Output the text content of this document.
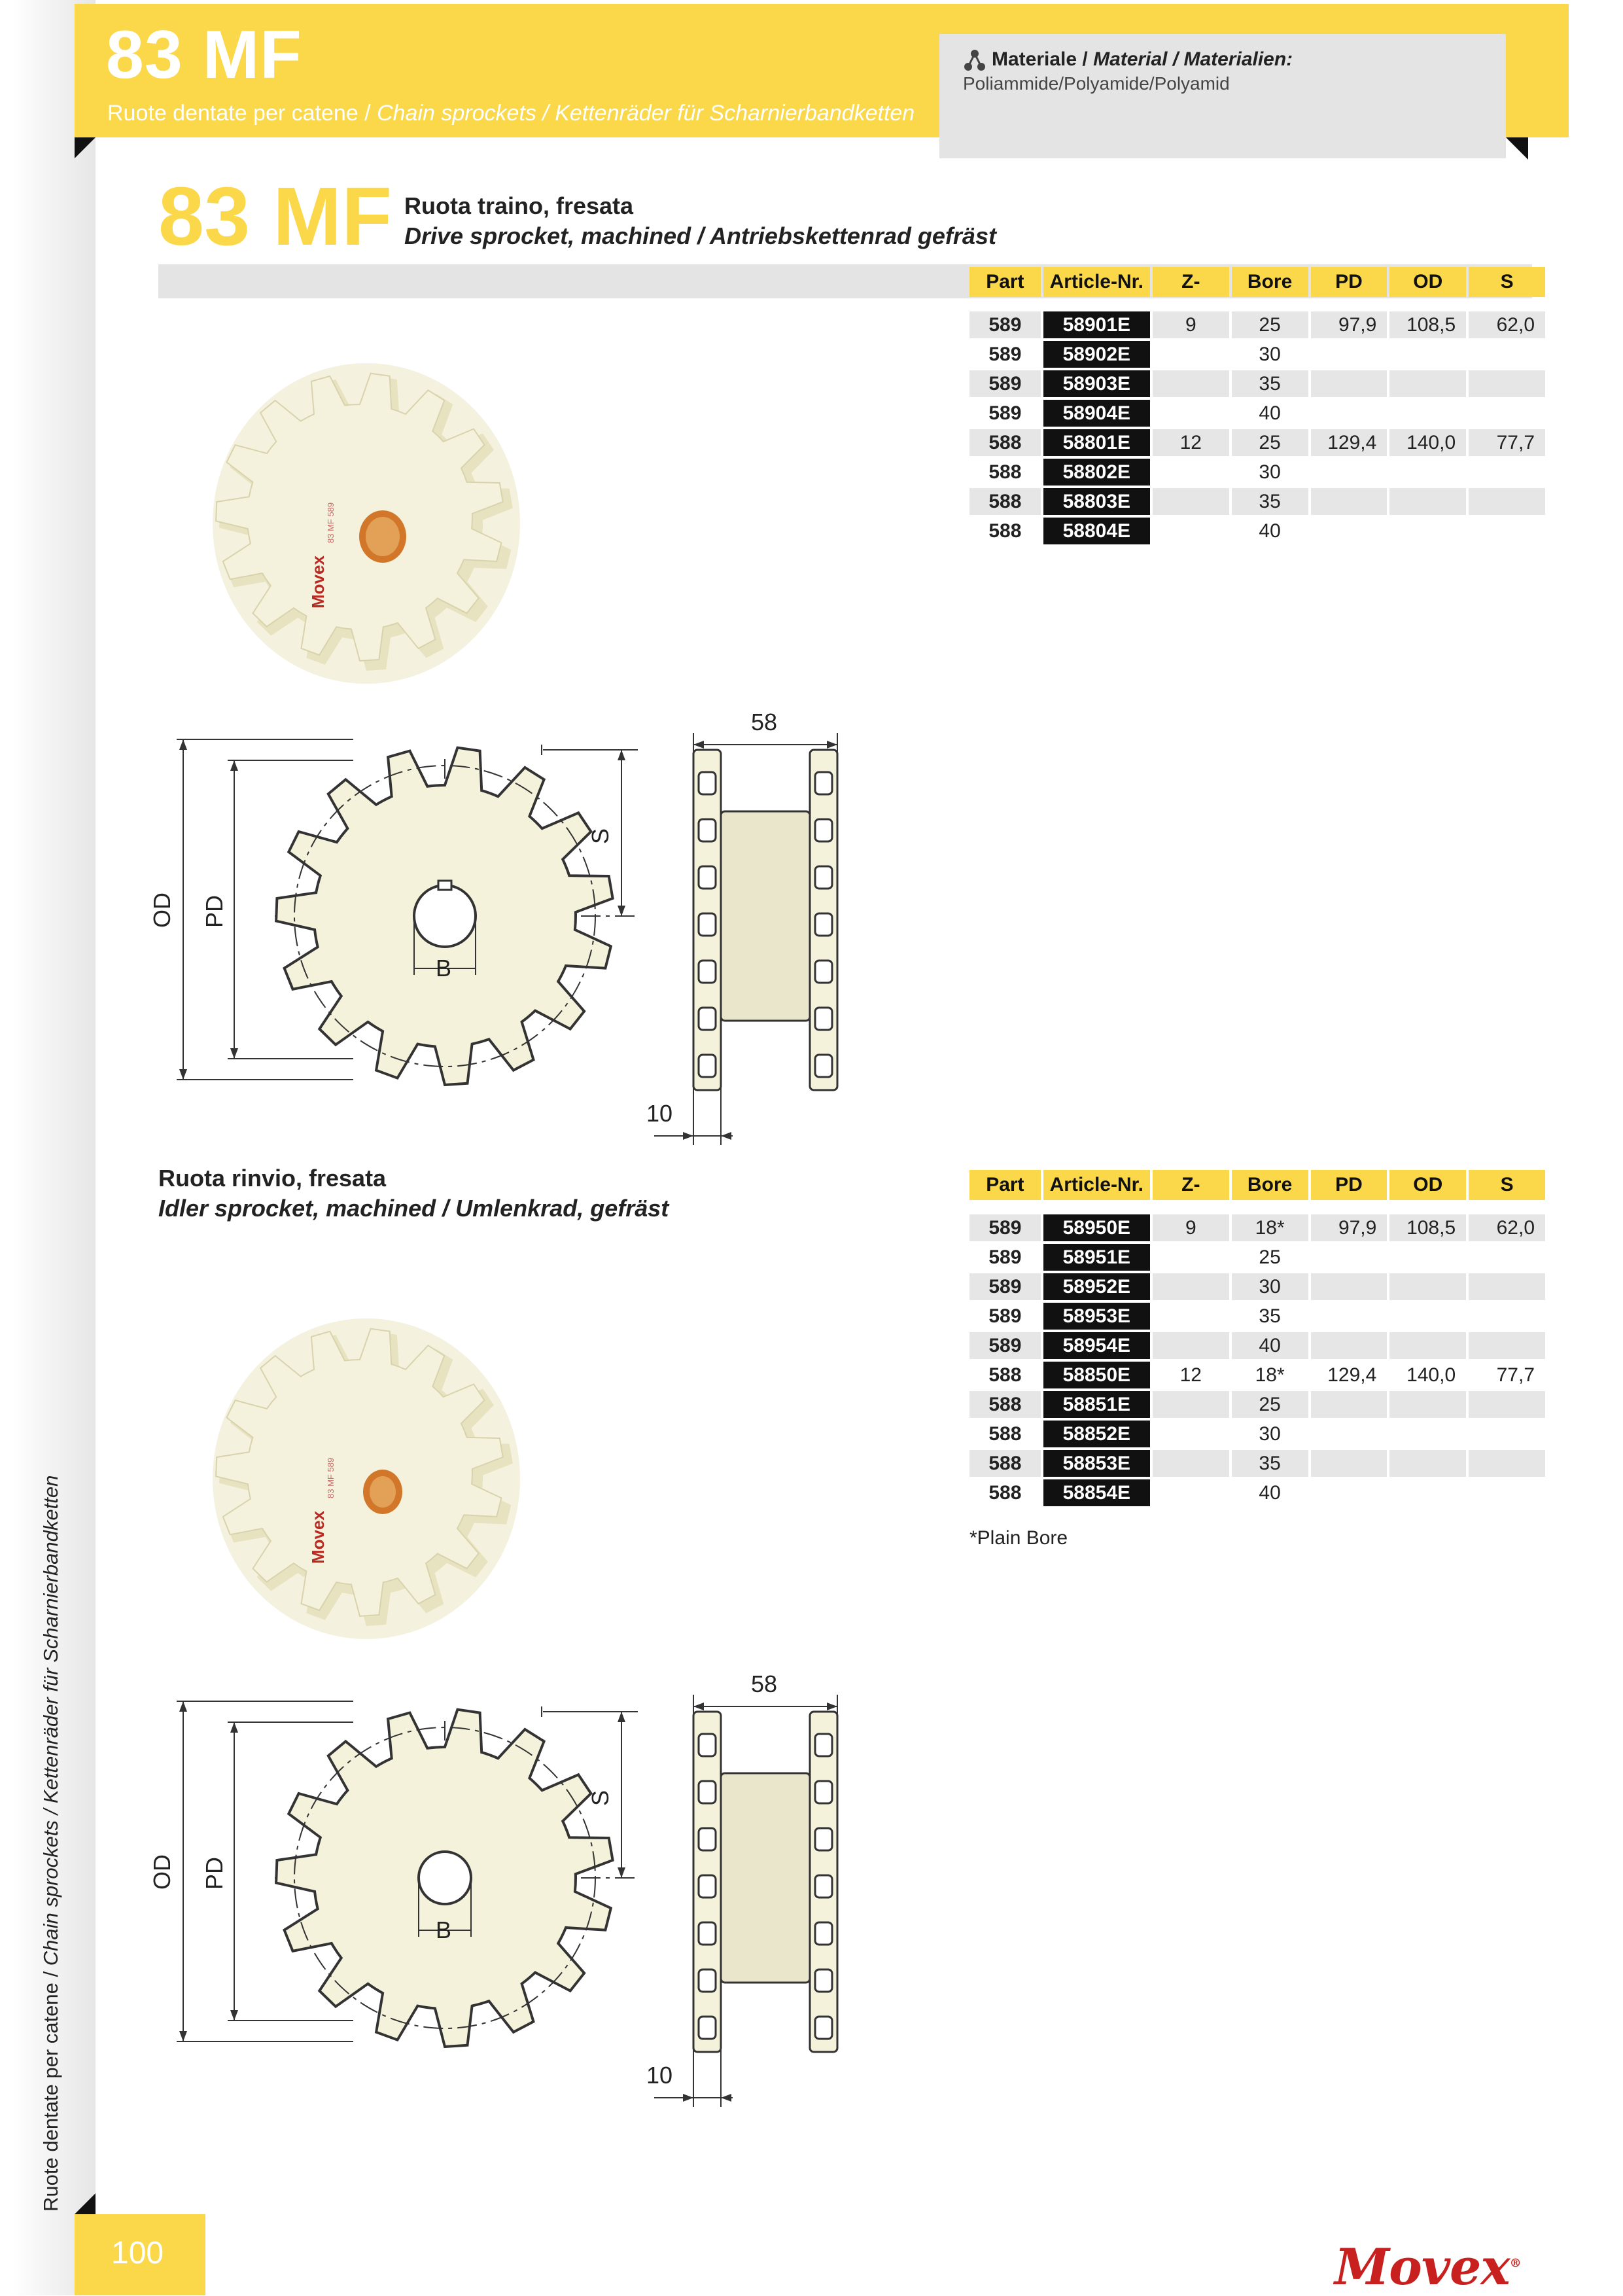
Ruote dentate per catene / Chain sprockets / Kettenräder für Scharnierbandketten
83 MF
Ruote dentate per catene / Chain sprockets / Kettenräder für Scharnierbandketten
Materiale / Material / Materialien:
Poliammide/Polyamide/Polyamid
83 MF Ruota traino, fresata
Drive sprocket, machined / Antriebskettenrad gefräst
Part	Article-Nr.	Z-	Bore	PD	OD	S

589	58901E	9	25	97,9	108,5	62,0
589	58902E		30			
589	58903E		35			
589	58904E		40			
588	58801E	12	25	129,4	140,0	77,7
588	58802E		30			
588	58803E		35			
588	58804E		40			
Movex
83 MF 589
OD PD
S
B
58
10
Ruota rinvio, fresata
Idler sprocket, machined / Umlenkrad, gefräst
Part	Article-Nr.	Z-	Bore	PD	OD	S

589	58950E	9	18*	97,9	108,5	62,0
589	58951E		25			
589	58952E		30			
589	58953E		35			
589	58954E		40			
588	58850E	12	18*	129,4	140,0	77,7
588	58851E		25			
588	58852E		30			
588	58853E		35			
588	58854E		40			
*Plain Bore
Movex
83 MF 589
OD PD
S
B
58
10
100	Movex®
